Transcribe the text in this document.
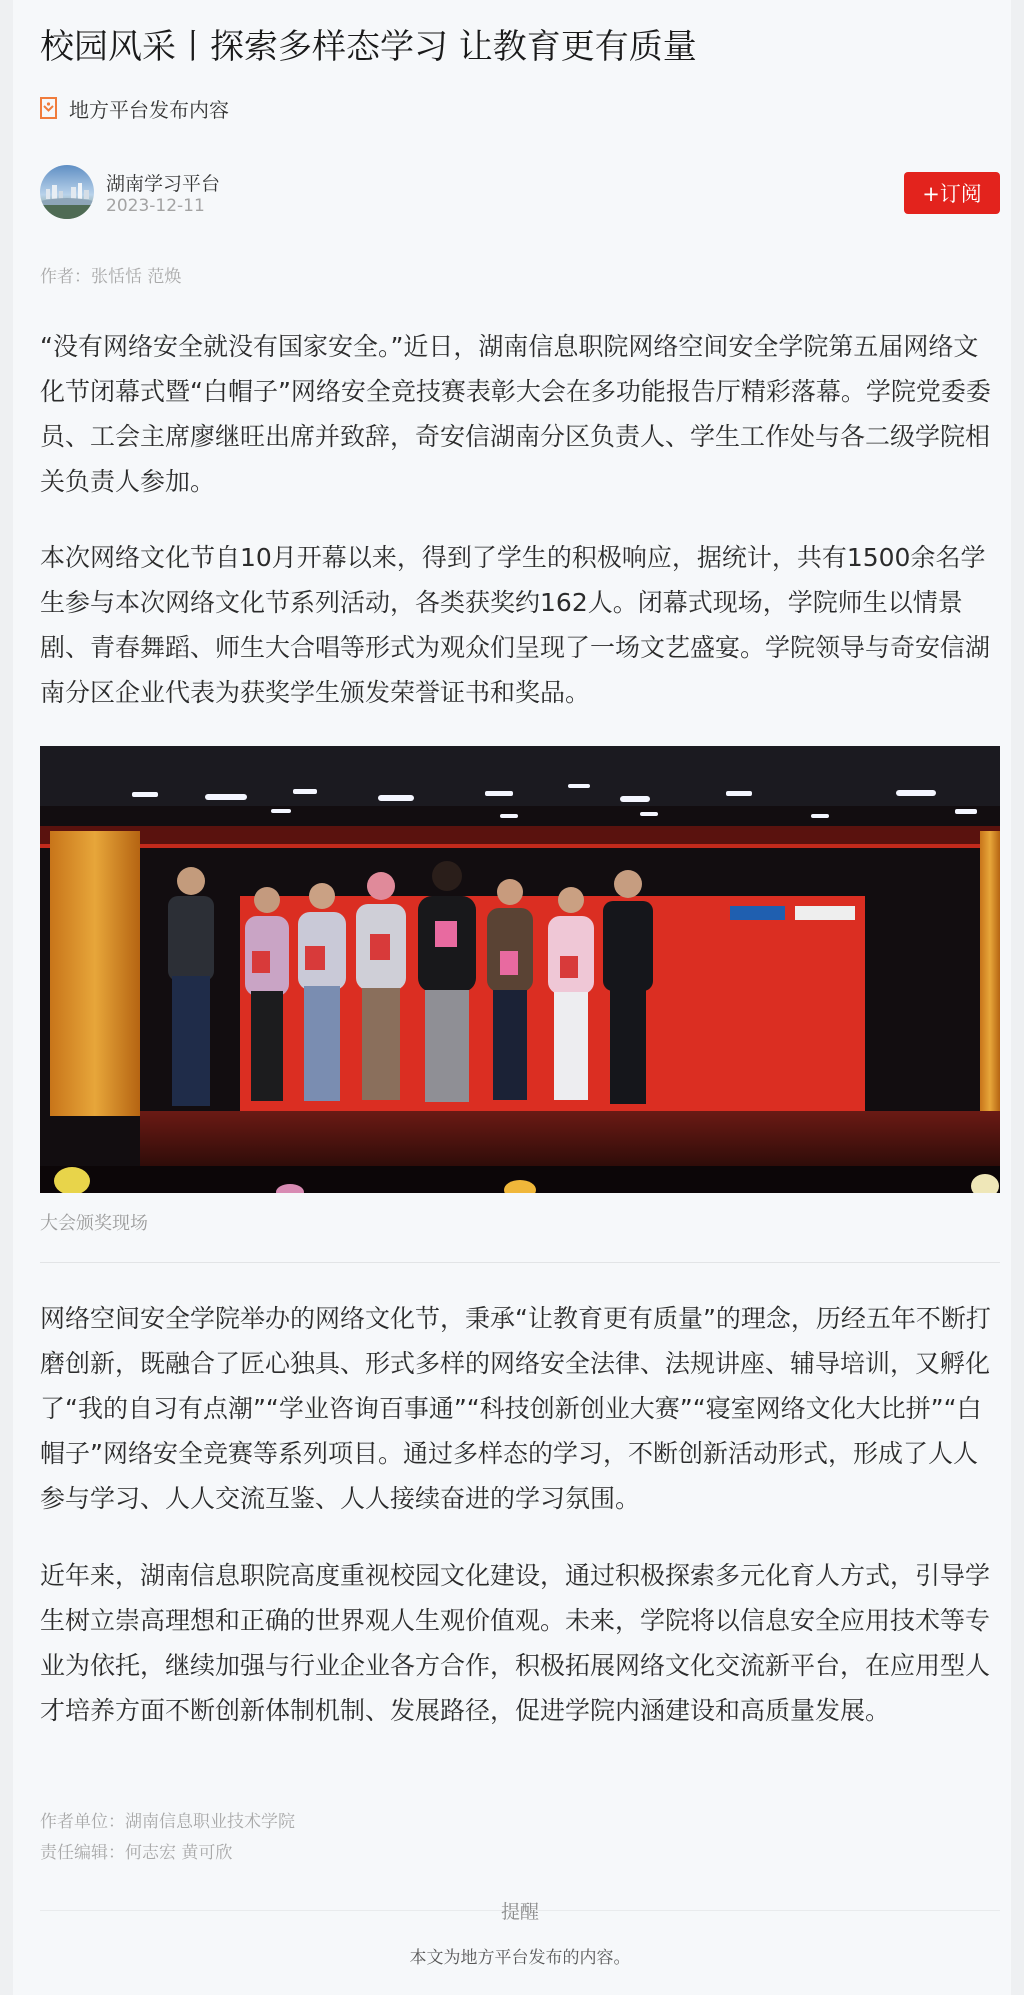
校园风采丨探索多样态学习 让教育更有质量
地方平台发布内容
湖南学习平台
2023-12-11	+订阅
作者：张恬恬 范焕

“没有网络安全就没有国家安全。”近日，湖南信息职院网络空间安全学院第五届网络文化节闭幕式暨“白帽子”网络安全竞技赛表彰大会在多功能报告厅精彩落幕。学院党委委员、工会主席廖继旺出席并致辞，奇安信湖南分区负责人、学生工作处与各二级学院相关负责人参加。

本次网络文化节自10月开幕以来，得到了学生的积极响应，据统计，共有1500余名学生参与本次网络文化节系列活动，各类获奖约162人。闭幕式现场，学院师生以情景剧、青春舞蹈、师生大合唱等形式为观众们呈现了一场文艺盛宴。学院领导与奇安信湖南分区企业代表为获奖学生颁发荣誉证书和奖品。

大会颁奖现场

网络空间安全学院举办的网络文化节，秉承“让教育更有质量”的理念，历经五年不断打磨创新，既融合了匠心独具、形式多样的网络安全法律、法规讲座、辅导培训，又孵化了“我的自习有点潮”“学业咨询百事通”“科技创新创业大赛”“寝室网络文化大比拼”“白帽子”网络安全竞赛等系列项目。通过多样态的学习，不断创新活动形式，形成了人人参与学习、人人交流互鉴、人人接续奋进的学习氛围。

近年来，湖南信息职院高度重视校园文化建设，通过积极探索多元化育人方式，引导学生树立崇高理想和正确的世界观人生观价值观。未来，学院将以信息安全应用技术等专业为依托，继续加强与行业企业各方合作，积极拓展网络文化交流新平台，在应用型人才培养方面不断创新体制机制、发展路径，促进学院内涵建设和高质量发展。

作者单位：湖南信息职业技术学院
责任编辑：何志宏 黄可欣
提醒
本文为地方平台发布的内容。
